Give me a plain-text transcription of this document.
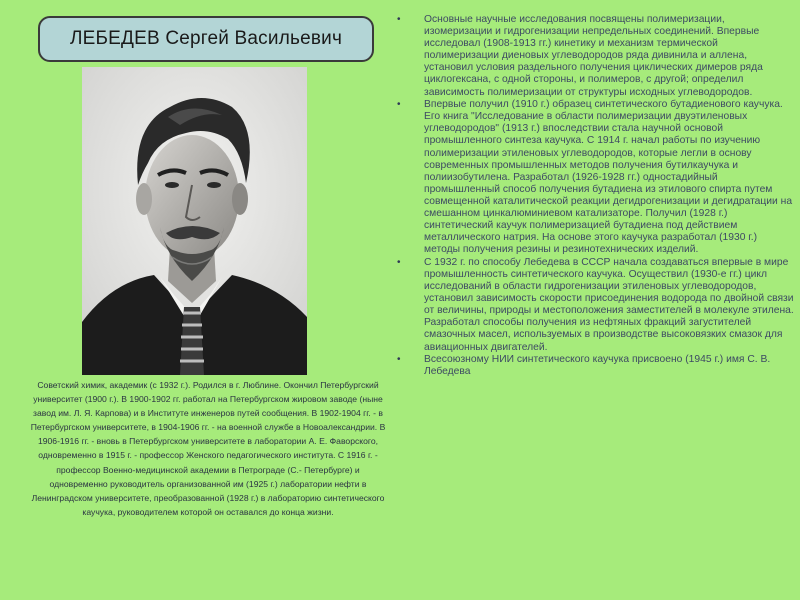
ЛЕБЕДЕВ Сергей Васильевич
Советский химик, академик (с 1932 г.). Родился в г. Люблине. Окончил Петербургский университет (1900 г.). В 1900-1902 гг. работал на Петербургском жировом заводе (ныне завод им. Л. Я. Карпова) и в Институте инженеров путей сообщения. В 1902-1904 гг. - в Петербургском университете, в 1904-1906 гг. - на военной службе в Новоалександрии. В 1906-1916 гг. - вновь в Петербургском университете в лаборатории А. Е. Фаворского, одновременно в 1915 г. - профессор Женского педагогического института. С 1916 г. - профессор Военно-медицинской академии в Петрограде (С.- Петербурге) и одновременно руководитель организованной им (1925 г.) лаборатории нефти в Ленинградском университете, преобразованной (1928 г.) в лабораторию синтетического каучука, руководителем которой он оставался до конца жизни.
• Основные научные исследования посвящены полимеризации, изомеризации и гидрогенизации непредельных соединений. Впервые исследовал (1908-1913 гг.) кинетику и механизм термической полимеризации диеновых углеводородов ряда дивинила и аллена, установил условия раздельного получения циклических димеров ряда циклогексана, с одной стороны, и полимеров, с другой; определил зависимость полимеризации от структуры исходных углеводородов.
• Впервые получил (1910 г.) образец синтетического бутадиенового каучука. Его книга "Исследование в области полимеризации двуэтиленовых углеводородов" (1913 г.) впоследствии стала научной основой промышленного синтеза каучука. С 1914 г. начал работы по изучению полимеризации этиленовых углеводородов, которые легли в основу современных промышленных методов получения бутилкаучука и полиизобутилена. Разработал (1926-1928 гг.) одностадийный промышленный способ получения бутадиена из этилового спирта путем совмещенной каталитической реакции дегидрогенизации и дегидратации на смешанном цинкалюминиевом катализаторе. Получил (1928 г.) синтетический каучук полимеризацией бутадиена под действием металлического натрия. На основе этого каучука разработал (1930 г.) методы получения резины и резинотехнических изделий.
• С 1932 г. по способу Лебедева в СССР начала создаваться впервые в мире промышленность синтетического каучука. Осуществил (1930-е гг.) цикл исследований в области гидрогенизации этиленовых углеводородов, установил зависимость скорости присоединения водорода по двойной связи от величины, природы и местоположения заместителей в молекуле этилена. Разработал способы получения из нефтяных фракций загустителей смазочных масел, используемых в производстве высоковязких смазок для авиационных двигателей.
• Всесоюзному НИИ синтетического каучука присвоено (1945 г.) имя С. В. Лебедева
